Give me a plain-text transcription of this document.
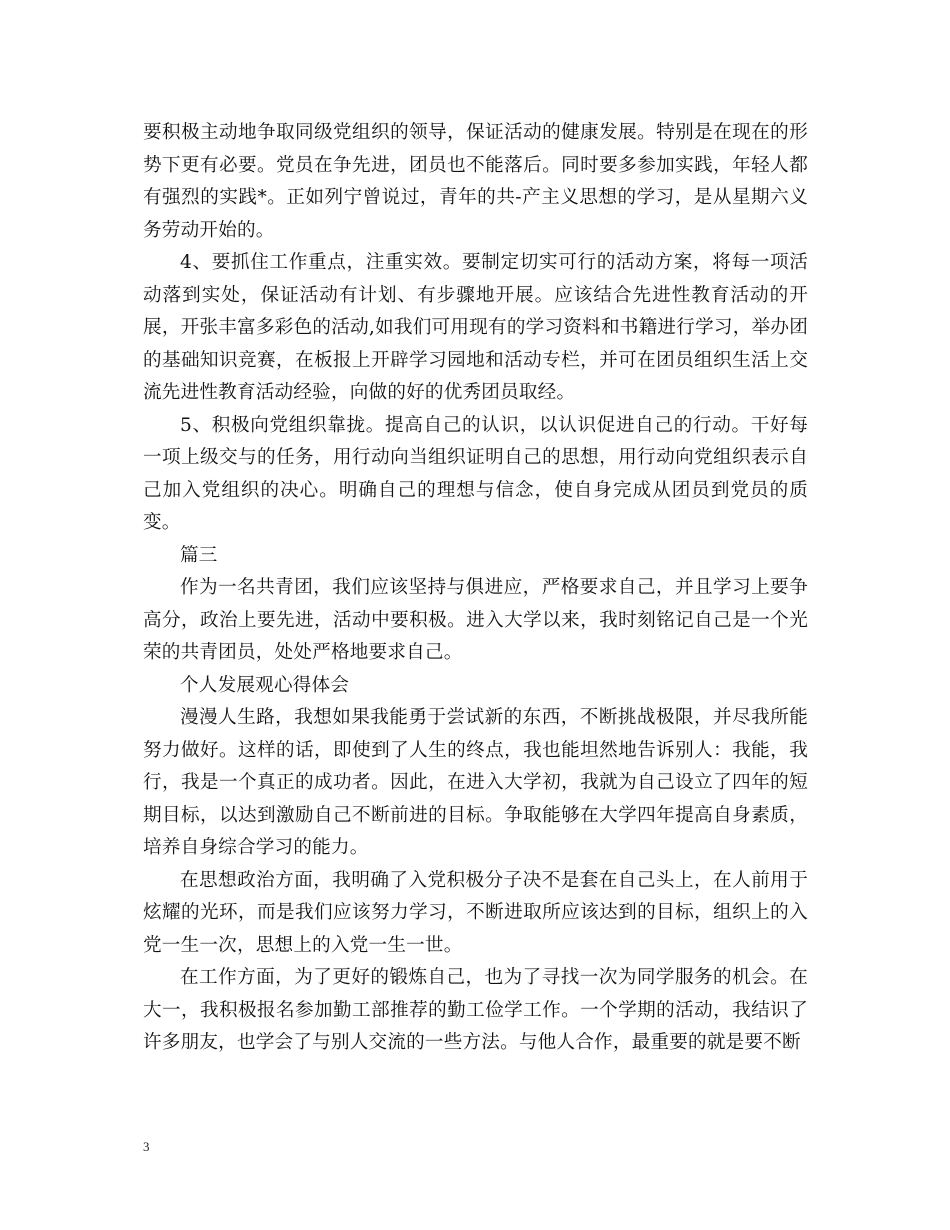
要积极主动地争取同级党组织的领导，保证活动的健康发展。特别是在现在的形势下更有必要。党员在争先进，团员也不能落后。同时要多参加实践，年轻人都有强烈的实践*。正如列宁曾说过，青年的共-产主义思想的学习，是从星期六义务劳动开始的。

4、要抓住工作重点，注重实效。要制定切实可行的活动方案，将每一项活动落到实处，保证活动有计划、有步骤地开展。应该结合先进性教育活动的开展，开张丰富多彩色的活动,如我们可用现有的学习资料和书籍进行学习，举办团的基础知识竞赛，在板报上开辟学习园地和活动专栏，并可在团员组织生活上交流先进性教育活动经验，向做的好的优秀团员取经。

5、积极向党组织靠拢。提高自己的认识，以认识促进自己的行动。干好每一项上级交与的任务，用行动向当组织证明自己的思想，用行动向党组织表示自己加入党组织的决心。明确自己的理想与信念，使自身完成从团员到党员的质变。

篇三

作为一名共青团，我们应该坚持与俱进应，严格要求自己，并且学习上要争高分，政治上要先进，活动中要积极。进入大学以来，我时刻铭记自己是一个光荣的共青团员，处处严格地要求自己。

个人发展观心得体会

漫漫人生路，我想如果我能勇于尝试新的东西，不断挑战极限，并尽我所能努力做好。这样的话，即使到了人生的终点，我也能坦然地告诉别人：我能，我行，我是一个真正的成功者。因此，在进入大学初，我就为自己设立了四年的短期目标，以达到激励自己不断前进的目标。争取能够在大学四年提高自身素质，培养自身综合学习的能力。

在思想政治方面，我明确了入党积极分子决不是套在自己头上，在人前用于炫耀的光环，而是我们应该努力学习，不断进取所应该达到的目标，组织上的入党一生一次，思想上的入党一生一世。

在工作方面，为了更好的锻炼自己，也为了寻找一次为同学服务的机会。在大一，我积极报名参加勤工部推荐的勤工俭学工作。一个学期的活动，我结识了许多朋友，也学会了与别人交流的一些方法。与他人合作，最重要的就是要不断

3
